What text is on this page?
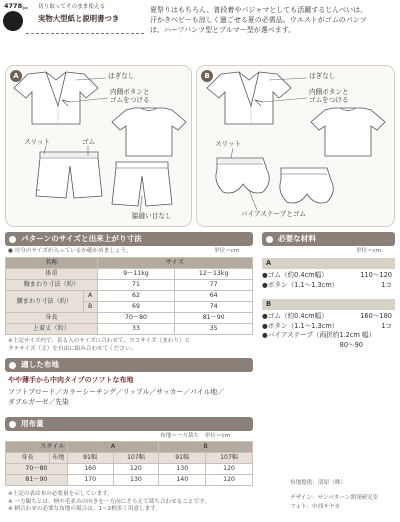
4778 ✂ 切り取ってそのまま使える
実物大型紙と説明書つき
夏祭りはもちろん、普段着やパジャマとしても活躍するじんべいは、
汗かきベビーも涼しく過ごせる夏の必需品。ウエストがゴムのパンツ
は、ハーフパンツ型とブルマー型が選べます。
A	はぎなし
内側ボタンと
ゴムをつける
スリット	ゴム
脇縫い目なし
B	はぎなし
内側ボタンと
ゴムをつける
スリット
バイアステープとゴム
パターンのサイズと出来上がり寸法
● 自分のサイズが入っているか確かめましょう。	単位＝cm
名称		サイズ	
体重		9〜11kg	12〜13kg
胸まわり寸法（約）		71	77
腰まわり寸法（約）	A	62	64
	B	69	74
身長		70〜80	81〜90
上着丈（約）		33	35
※上記サイズ内で、着る人のサイズに合わせて、ヨコサイズ（まわり）と
タテサイズ（丈）を自由に組み合わせてください。
適した布地
やや薄手から中肉タイプのソフトな布地
ソフトブロード／カラーシーチング／リップル／サッカー／パイル地／
ダブルガーゼ／先染
用布量
布地＝一方裁ち　単位＝cm
スタイル		A		B	
身長	布地	91幅	107幅	91幅	107幅
70〜80		160	120	130	120
81〜90		170	130	140	120
※上記の表は布の必要量を示しています。
※ 一方観ちとは、柄や毛並みの向きを一方向にそろえて裁ち合わせることです。
※ 柄合わせの必要な布地の場合は、1〜2柄多く用意します。
必要な材料
単位＝cm
A
●ゴム（約0.4cm幅）	110〜120
●ボタン（1.1〜1.3cm）	1コ
B
●ゴム（約0.4cm幅）	160〜180
●ボタン（1.1〜1.3cm）	1コ
●バイアステープ（両折約1.2cm 幅）
80〜90
布地提供：清原（株）
デザイン：サンパターン開発研究室
フォト：中西サヤカ
